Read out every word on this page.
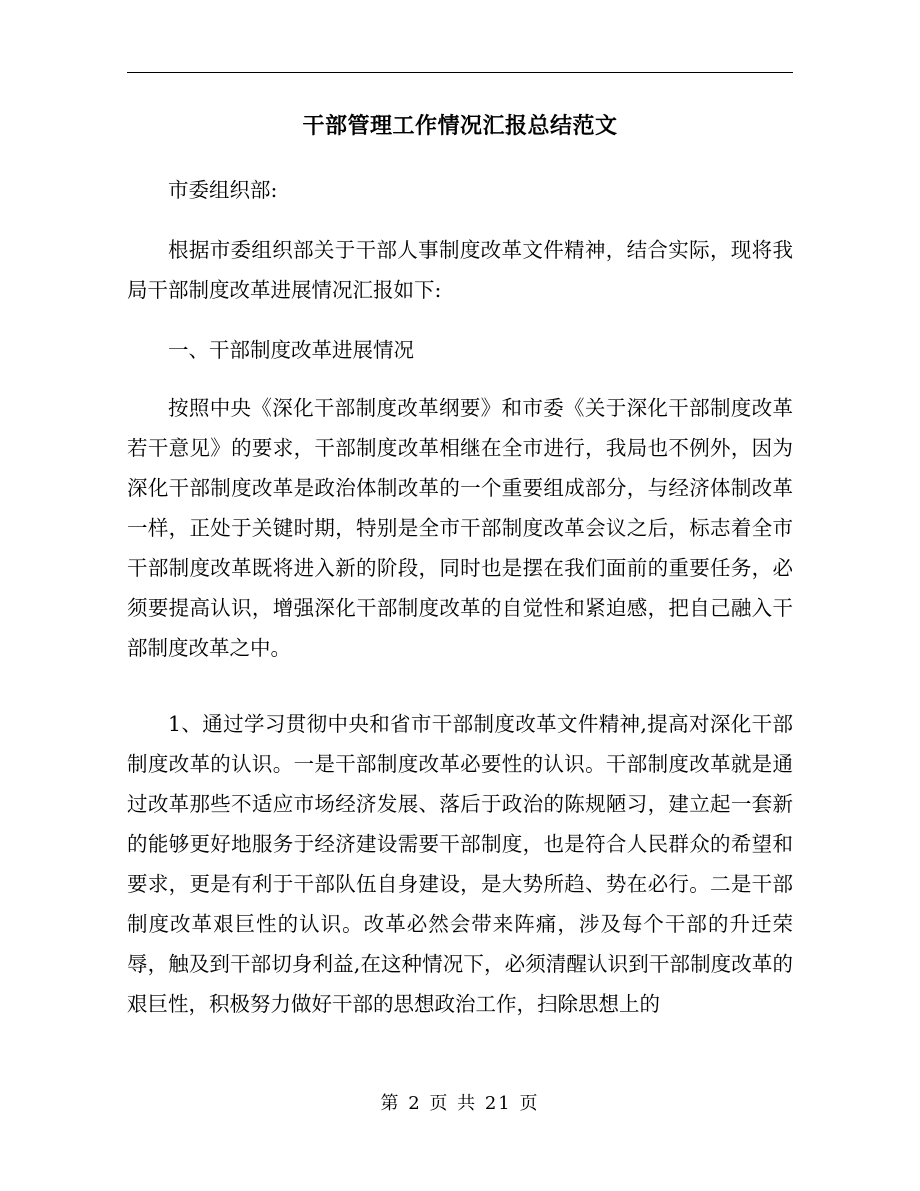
干部管理工作情况汇报总结范文

市委组织部:

根据市委组织部关于干部人事制度改革文件精神，结合实际，现将我局干部制度改革进展情况汇报如下:

一、干部制度改革进展情况

按照中央《深化干部制度改革纲要》和市委《关于深化干部制度改革若干意见》的要求，干部制度改革相继在全市进行，我局也不例外，因为深化干部制度改革是政治体制改革的一个重要组成部分，与经济体制改革一样，正处于关键时期，特别是全市干部制度改革会议之后，标志着全市干部制度改革既将进入新的阶段，同时也是摆在我们面前的重要任务，必须要提高认识，增强深化干部制度改革的自觉性和紧迫感，把自己融入干部制度改革之中。

1、通过学习贯彻中央和省市干部制度改革文件精神,提高对深化干部制度改革的认识。一是干部制度改革必要性的认识。干部制度改革就是通过改革那些不适应市场经济发展、落后于政治的陈规陋习，建立起一套新的能够更好地服务于经济建设需要干部制度，也是符合人民群众的希望和要求，更是有利于干部队伍自身建设，是大势所趋、势在必行。二是干部制度改革艰巨性的认识。改革必然会带来阵痛，涉及每个干部的升迁荣辱，触及到干部切身利益,在这种情况下，必须清醒认识到干部制度改革的艰巨性，积极努力做好干部的思想政治工作，扫除思想上的

第 2 页 共 21 页
